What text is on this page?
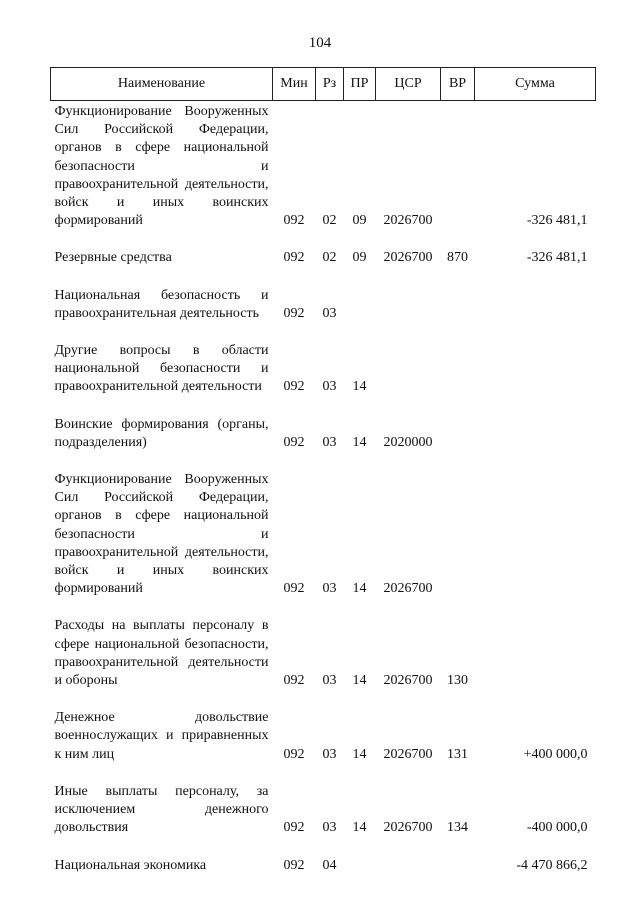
104
Наименование	Мин	Рз	ПР	ЦСР	ВР	Сумма
Функционирование Вооруженных Сил Российской Федерации, органов в сфере национальной безопасности и правоохранительной деятельности, войск и иных воинских формирований	092	02	09	2026700		-326 481,1
Резервные средства	092	02	09	2026700	870	-326 481,1
Национальная безопасность и правоохранительная деятельность	092	03				
Другие вопросы в области национальной безопасности и правоохранительной деятельности	092	03	14			
Воинские формирования (органы, подразделения)	092	03	14	2020000		
Функционирование Вооруженных Сил Российской Федерации, органов в сфере национальной безопасности и правоохранительной деятельности, войск и иных воинских формирований	092	03	14	2026700		
Расходы на выплаты персоналу в сфере национальной безопасности, правоохранительной деятельности и обороны	092	03	14	2026700	130	
Денежное довольствие военнослужащих и приравненных к ним лиц	092	03	14	2026700	131	+400 000,0
Иные выплаты персоналу, за исключением денежного довольствия	092	03	14	2026700	134	-400 000,0
Национальная экономика	092	04				-4 470 866,2
